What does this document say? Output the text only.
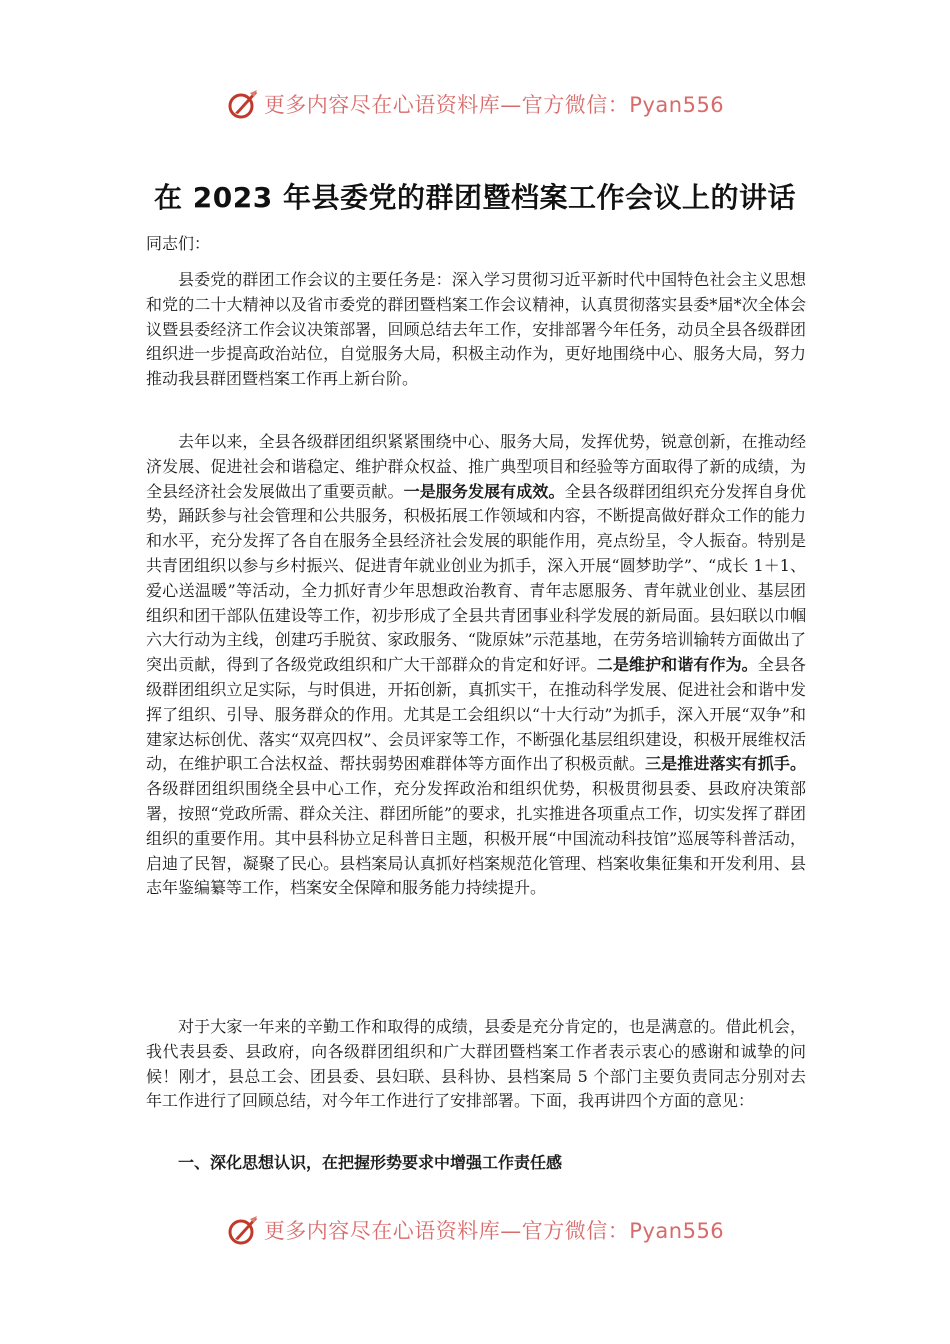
更多内容尽在心语资料库—官方微信：Pyan556
在 2023 年县委党的群团暨档案工作会议上的讲话
同志们：

县委党的群团工作会议的主要任务是：深入学习贯彻习近平新时代中国特色社会主义思想和党的二十大精神以及省市委党的群团暨档案工作会议精神，认真贯彻落实县委*届*次全体会议暨县委经济工作会议决策部署，回顾总结去年工作，安排部署今年任务，动员全县各级群团组织进一步提高政治站位，自觉服务大局，积极主动作为，更好地围绕中心、服务大局，努力推动我县群团暨档案工作再上新台阶。

去年以来，全县各级群团组织紧紧围绕中心、服务大局，发挥优势，锐意创新，在推动经济发展、促进社会和谐稳定、维护群众权益、推广典型项目和经验等方面取得了新的成绩，为全县经济社会发展做出了重要贡献。一是服务发展有成效。全县各级群团组织充分发挥自身优势，踊跃参与社会管理和公共服务，积极拓展工作领域和内容，不断提高做好群众工作的能力和水平，充分发挥了各自在服务全县经济社会发展的职能作用，亮点纷呈，令人振奋。特别是共青团组织以参与乡村振兴、促进青年就业创业为抓手，深入开展“圆梦助学”、“成长 1＋1、爱心送温暖”等活动，全力抓好青少年思想政治教育、青年志愿服务、青年就业创业、基层团组织和团干部队伍建设等工作，初步形成了全县共青团事业科学发展的新局面。县妇联以巾帼六大行动为主线，创建巧手脱贫、家政服务、“陇原妹”示范基地，在劳务培训输转方面做出了突出贡献，得到了各级党政组织和广大干部群众的肯定和好评。二是维护和谐有作为。全县各级群团组织立足实际，与时俱进，开拓创新，真抓实干，在推动科学发展、促进社会和谐中发挥了组织、引导、服务群众的作用。尤其是工会组织以“十大行动”为抓手，深入开展“双争”和建家达标创优、落实“双亮四权”、会员评家等工作，不断强化基层组织建设，积极开展维权活动，在维护职工合法权益、帮扶弱势困难群体等方面作出了积极贡献。三是推进落实有抓手。各级群团组织围绕全县中心工作，充分发挥政治和组织优势，积极贯彻县委、县政府决策部署，按照“党政所需、群众关注、群团所能”的要求，扎实推进各项重点工作，切实发挥了群团组织的重要作用。其中县科协立足科普日主题，积极开展“中国流动科技馆”巡展等科普活动，启迪了民智，凝聚了民心。县档案局认真抓好档案规范化管理、档案收集征集和开发利用、县志年鉴编纂等工作，档案安全保障和服务能力持续提升。

对于大家一年来的辛勤工作和取得的成绩，县委是充分肯定的，也是满意的。借此机会，我代表县委、县政府，向各级群团组织和广大群团暨档案工作者表示衷心的感谢和诚挚的问候！刚才，县总工会、团县委、县妇联、县科协、县档案局 5 个部门主要负责同志分别对去年工作进行了回顾总结，对今年工作进行了安排部署。下面，我再讲四个方面的意见：

一、深化思想认识，在把握形势要求中增强工作责任感
更多内容尽在心语资料库—官方微信：Pyan556
